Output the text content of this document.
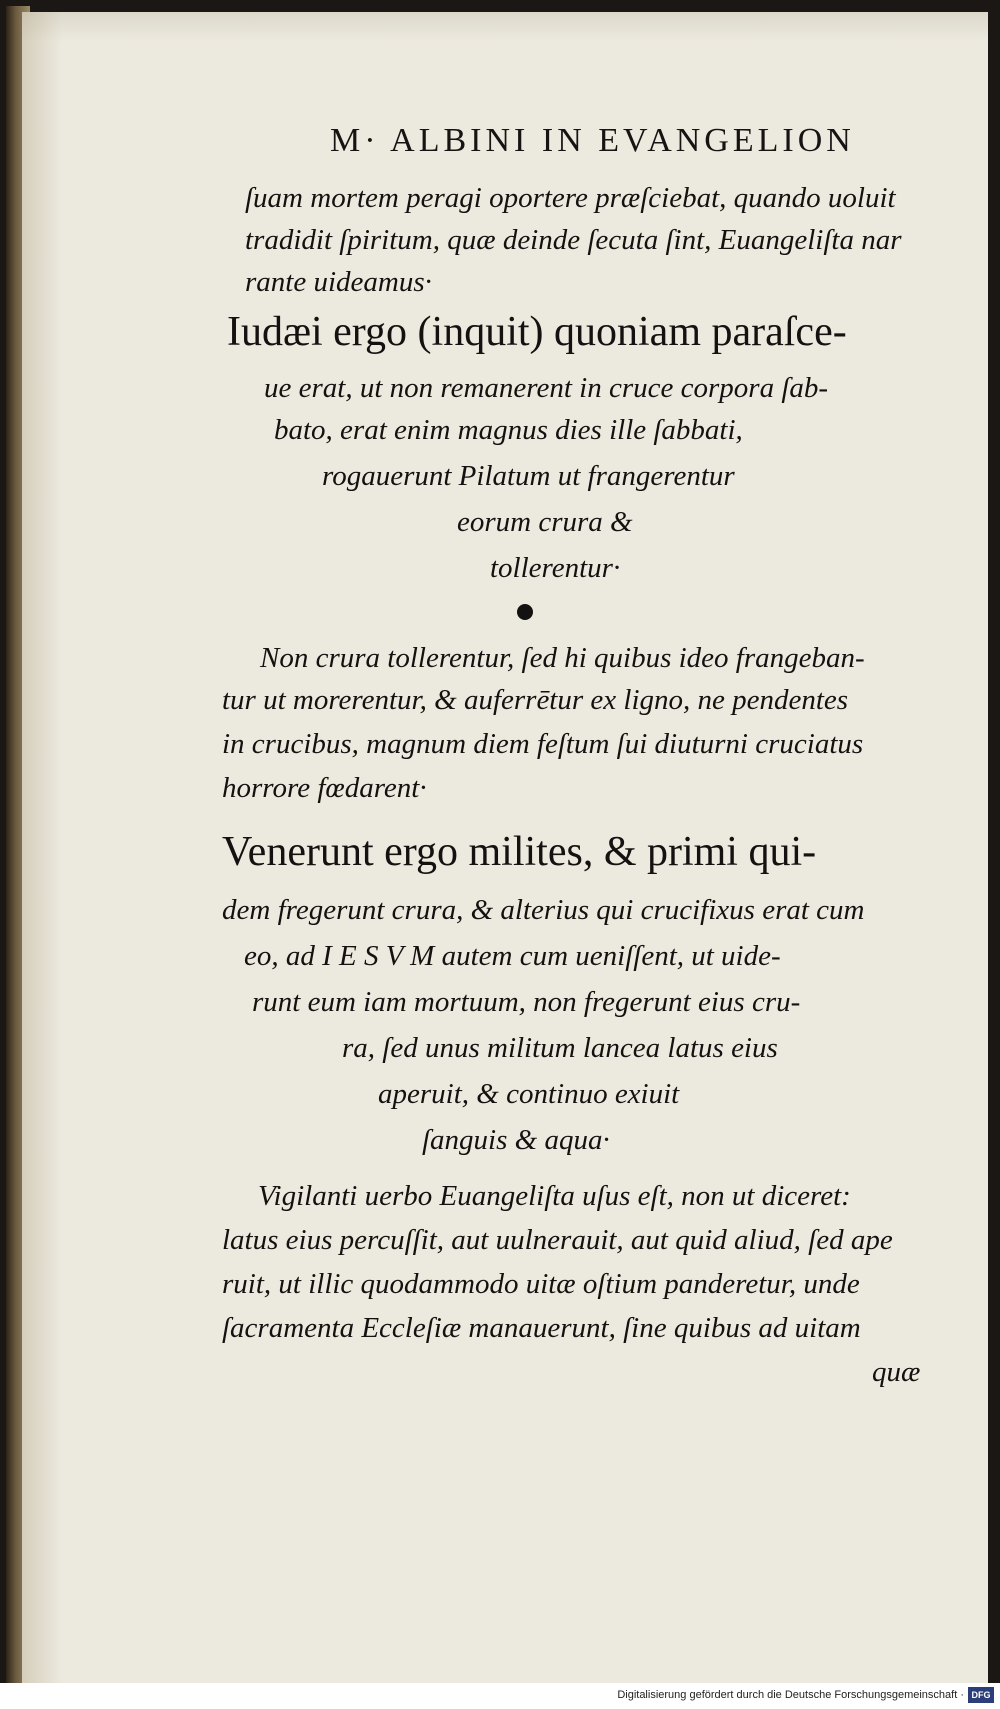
M· ALBINI IN EVANGELION
ſuam mortem peragi oportere præſciebat, quando uoluit
tradidit ſpiritum, quæ deinde ſecuta ſint, Euangeliſta nar
rante uideamus·
Iudæi ergo (inquit) quoniam paraſce-
ue erat, ut non remanerent in cruce corpora ſab-
bato, erat enim magnus dies ille ſabbati,
rogauerunt Pilatum ut frangerentur
eorum crura &
tollerentur·
Non crura tollerentur, ſed hi quibus ideo frangeban-
tur ut morerentur, & auferrētur ex ligno, ne pendentes
in crucibus, magnum diem feſtum ſui diuturni cruciatus
horrore fœdarent·
Venerunt ergo milites, & primi qui-
dem fregerunt crura, & alterius qui crucifixus erat cum
eo, ad I E S V M autem cum ueniſſent, ut uide-
runt eum iam mortuum, non fregerunt eius cru-
ra, ſed unus militum lancea latus eius
aperuit, & continuo exiuit
ſanguis & aqua·
Vigilanti uerbo Euangeliſta uſus eſt, non ut diceret:
latus eius percuſſit, aut uulnerauit, aut quid aliud, ſed ape
ruit, ut illic quodammodo uitæ oſtium panderetur, unde
ſacramenta Eccleſiæ manauerunt, ſine quibus ad uitam
quæ
Digitalisierung gefördert durch die Deutsche Forschungsgemeinschaft · DFG
